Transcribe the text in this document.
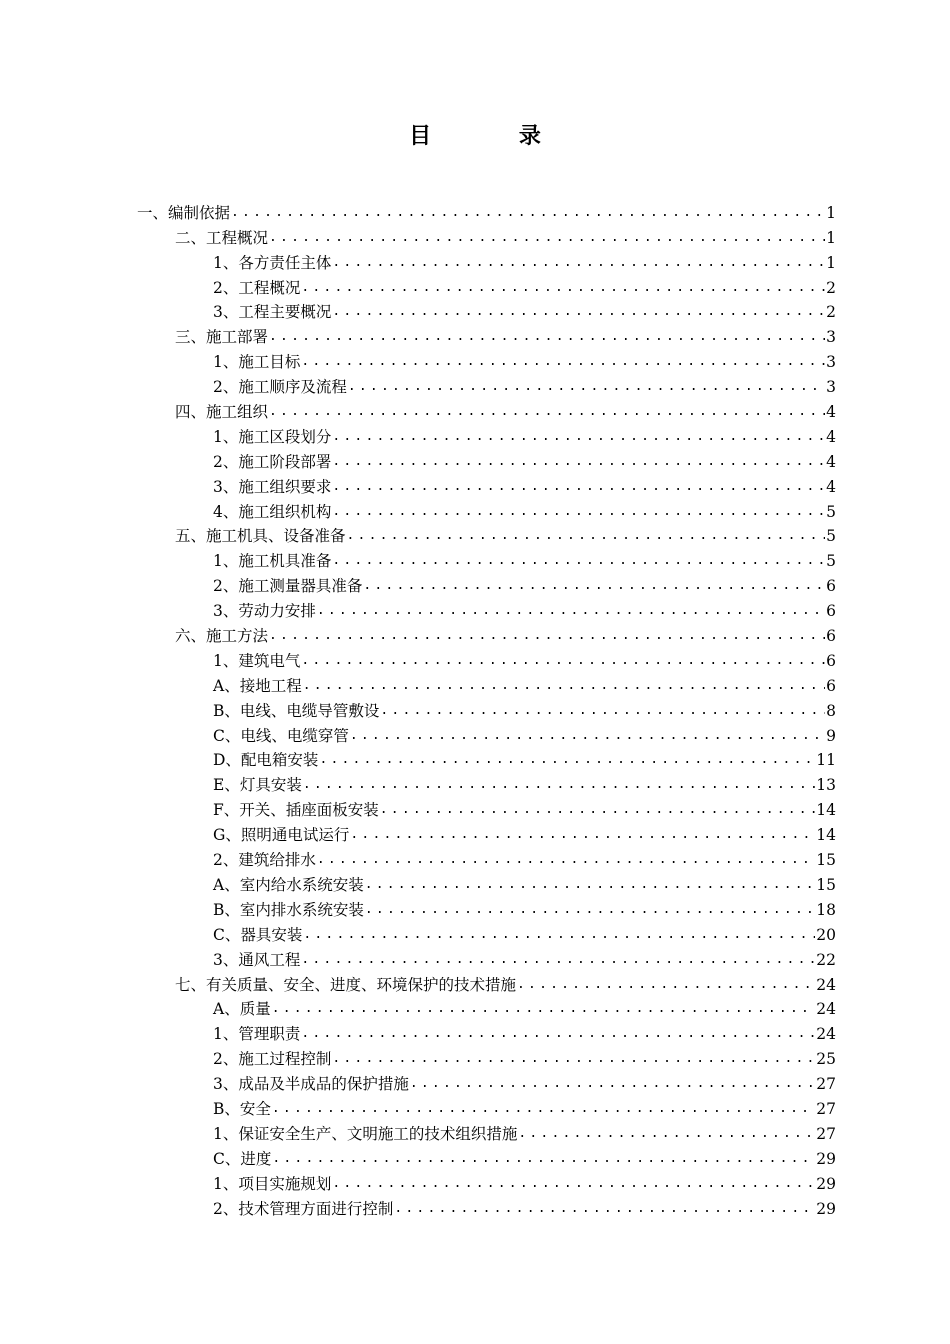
目 录
一、编制依据 .....	1
二、工程概况 .....	1
1、各方责任主体 .....	1
2、工程概况 .....	2
3、工程主要概况 .....	2
三、施工部署 .....	3
1、施工目标 .....	3
2、施工顺序及流程 .....	3
四、施工组织 .....	4
1、施工区段划分 .....	4
2、施工阶段部署 .....	4
3、施工组织要求 .....	4
4、施工组织机构 .....	5
五、施工机具、设备准备 .....	5
1、施工机具准备 .....	5
2、施工测量器具准备 .....	6
3、劳动力安排 .....	6
六、施工方法 .....	6
1、建筑电气 .....	6
A、接地工程 .....	6
B、电线、电缆导管敷设 .....	8
C、电线、电缆穿管 .....	9
D、配电箱安装 .....	11
E、灯具安装 .....	13
F、开关、插座面板安装 .....	14
G、照明通电试运行 .....	14
2、建筑给排水 .....	15
A、室内给水系统安装 .....	15
B、室内排水系统安装 .....	18
C、器具安装 .....	20
3、通风工程 .....	22
七、有关质量、安全、进度、环境保护的技术措施 .....	24
A、质量 .....	24
1、管理职责 .....	24
2、施工过程控制 .....	25
3、成品及半成品的保护措施 .....	27
B、安全 .....	27
1、保证安全生产、文明施工的技术组织措施 .....	27
C、进度 .....	29
1、项目实施规划 .....	29
2、技术管理方面进行控制 .....	29
